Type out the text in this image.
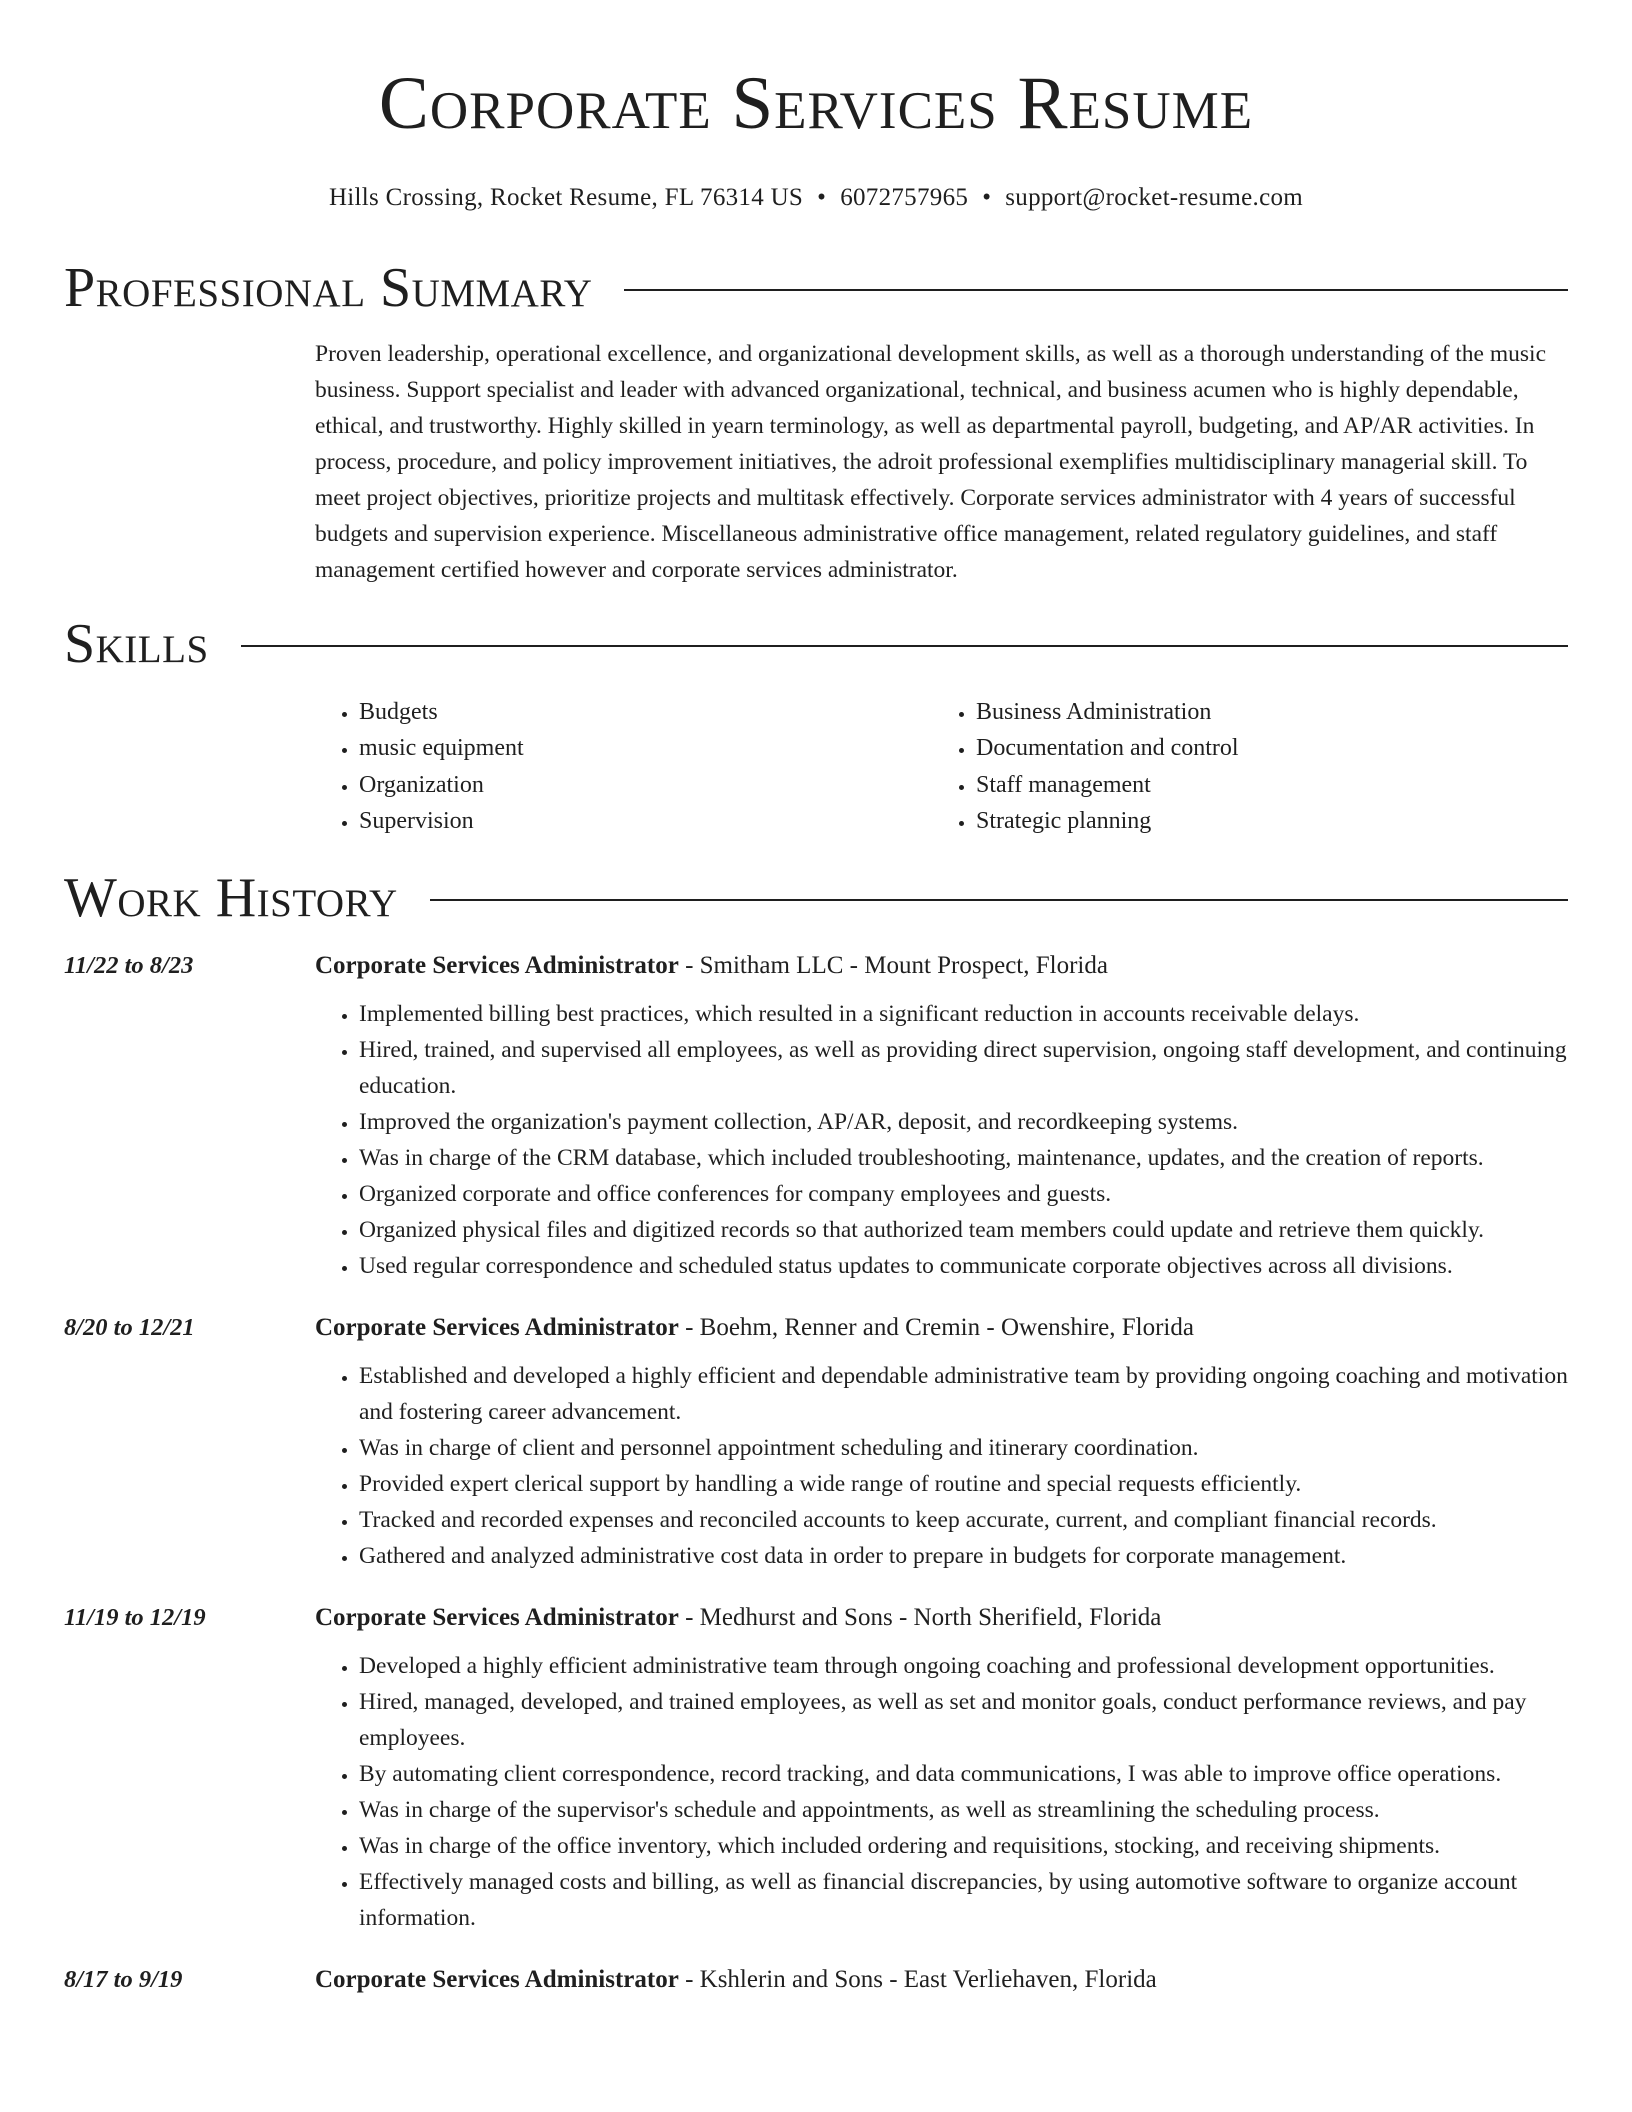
Corporate Services Resume
Hills Crossing, Rocket Resume, FL 76314 US • 6072757965 • support@rocket-resume.com
Professional Summary

Proven leadership, operational excellence, and organizational development skills, as well as a thorough understanding of the music business. Support specialist and leader with advanced organizational, technical, and business acumen who is highly dependable, ethical, and trustworthy. Highly skilled in yearn terminology, as well as departmental payroll, budgeting, and AP/AR activities. In process, procedure, and policy improvement initiatives, the adroit professional exemplifies multidisciplinary managerial skill. To meet project objectives, prioritize projects and multitask effectively. Corporate services administrator with 4 years of successful budgets and supervision experience. Miscellaneous administrative office management, related regulatory guidelines, and staff management certified however and corporate services administrator.

Skills
• Budgets
• music equipment
• Organization
• Supervision
• Business Administration
• Documentation and control
• Staff management
• Strategic planning
Work History
11/22 to 8/23	Corporate Services Administrator - Smitham LLC - Mount Prospect, Florida
• Implemented billing best practices, which resulted in a significant reduction in accounts receivable delays.
• Hired, trained, and supervised all employees, as well as providing direct supervision, ongoing staff development, and continuing education.
• Improved the organization's payment collection, AP/AR, deposit, and recordkeeping systems.
• Was in charge of the CRM database, which included troubleshooting, maintenance, updates, and the creation of reports.
• Organized corporate and office conferences for company employees and guests.
• Organized physical files and digitized records so that authorized team members could update and retrieve them quickly.
• Used regular correspondence and scheduled status updates to communicate corporate objectives across all divisions.
8/20 to 12/21	Corporate Services Administrator - Boehm, Renner and Cremin - Owenshire, Florida
• Established and developed a highly efficient and dependable administrative team by providing ongoing coaching and motivation and fostering career advancement.
• Was in charge of client and personnel appointment scheduling and itinerary coordination.
• Provided expert clerical support by handling a wide range of routine and special requests efficiently.
• Tracked and recorded expenses and reconciled accounts to keep accurate, current, and compliant financial records.
• Gathered and analyzed administrative cost data in order to prepare in budgets for corporate management.
11/19 to 12/19	Corporate Services Administrator - Medhurst and Sons - North Sherifield, Florida
• Developed a highly efficient administrative team through ongoing coaching and professional development opportunities.
• Hired, managed, developed, and trained employees, as well as set and monitor goals, conduct performance reviews, and pay employees.
• By automating client correspondence, record tracking, and data communications, I was able to improve office operations.
• Was in charge of the supervisor's schedule and appointments, as well as streamlining the scheduling process.
• Was in charge of the office inventory, which included ordering and requisitions, stocking, and receiving shipments.
• Effectively managed costs and billing, as well as financial discrepancies, by using automotive software to organize account information.
8/17 to 9/19	Corporate Services Administrator - Kshlerin and Sons - East Verliehaven, Florida
